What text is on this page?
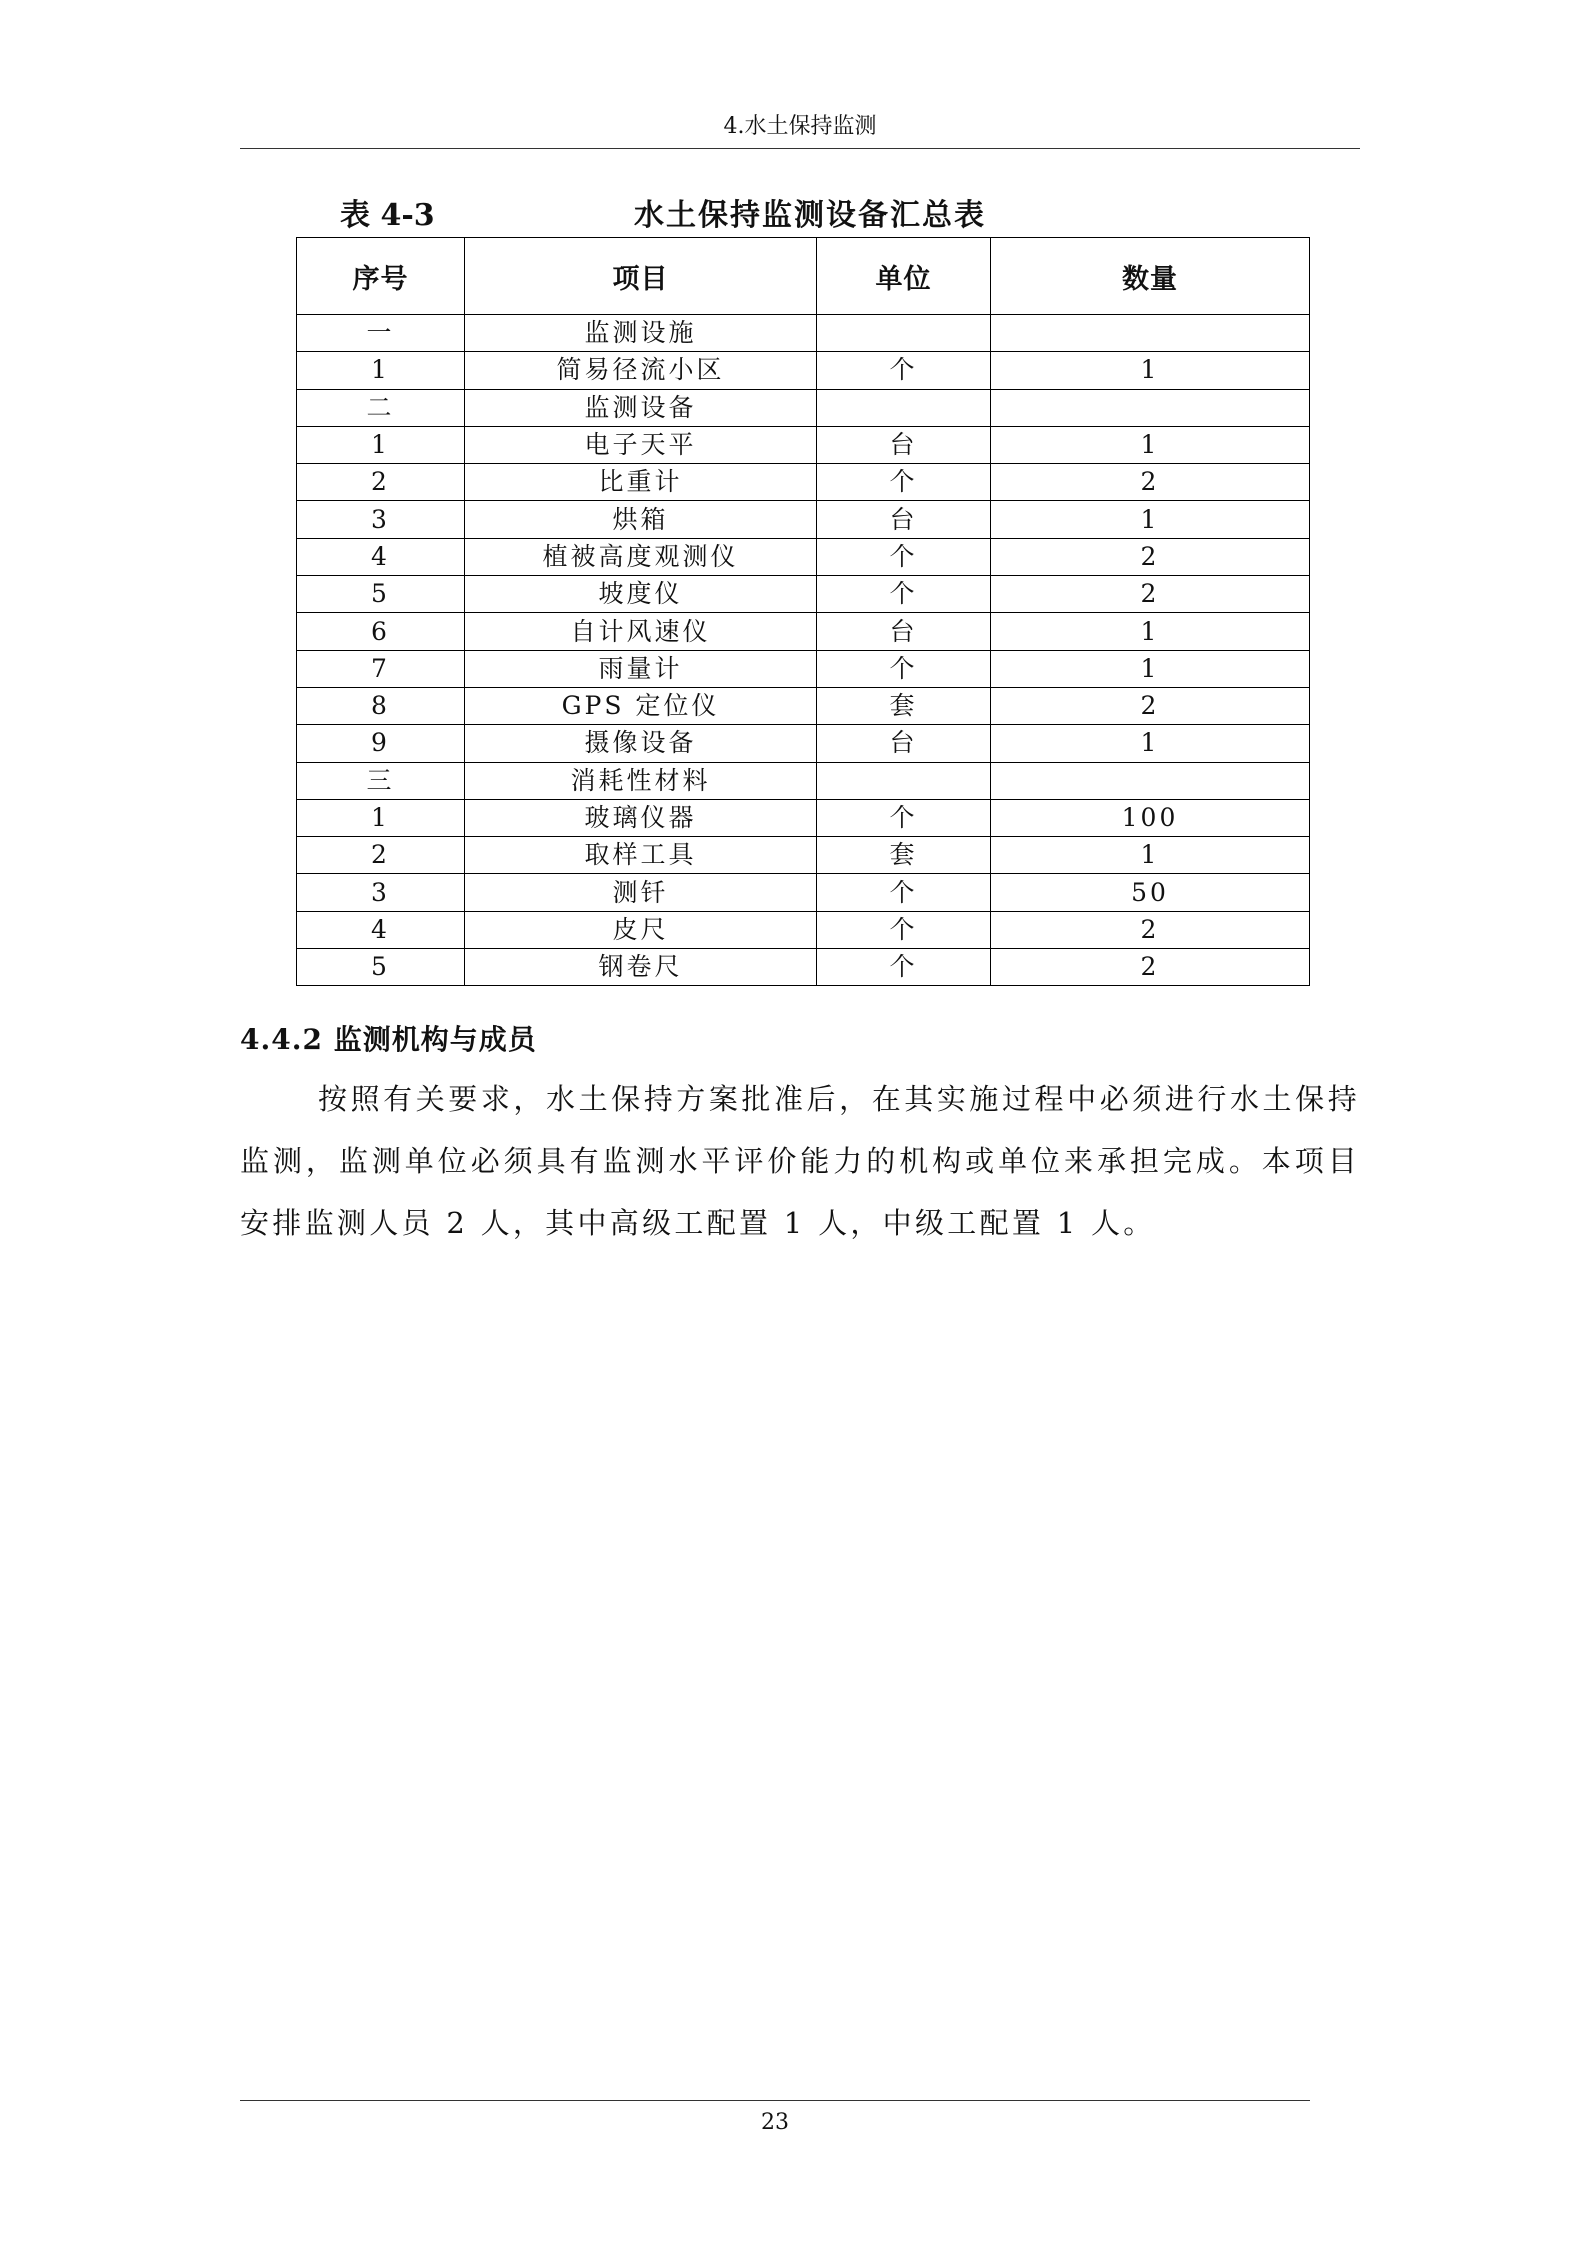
4.水土保持监测
表 4-3	水土保持监测设备汇总表
序号	项目	单位	数量
一	监测设施		
1	简易径流小区	个	1
二	监测设备		
1	电子天平	台	1
2	比重计	个	2
3	烘箱	台	1
4	植被高度观测仪	个	2
5	坡度仪	个	2
6	自计风速仪	台	1
7	雨量计	个	1
8	GPS 定位仪	套	2
9	摄像设备	台	1
三	消耗性材料		
1	玻璃仪器	个	100
2	取样工具	套	1
3	测钎	个	50
4	皮尺	个	2
5	钢卷尺	个	2
4.4.2 监测机构与成员

按照有关要求，水土保持方案批准后，在其实施过程中必须进行水土保持监测，监测单位必须具有监测水平评价能力的机构或单位来承担完成。本项目安排监测人员 2 人，其中高级工配置 1 人，中级工配置 1 人。

23
